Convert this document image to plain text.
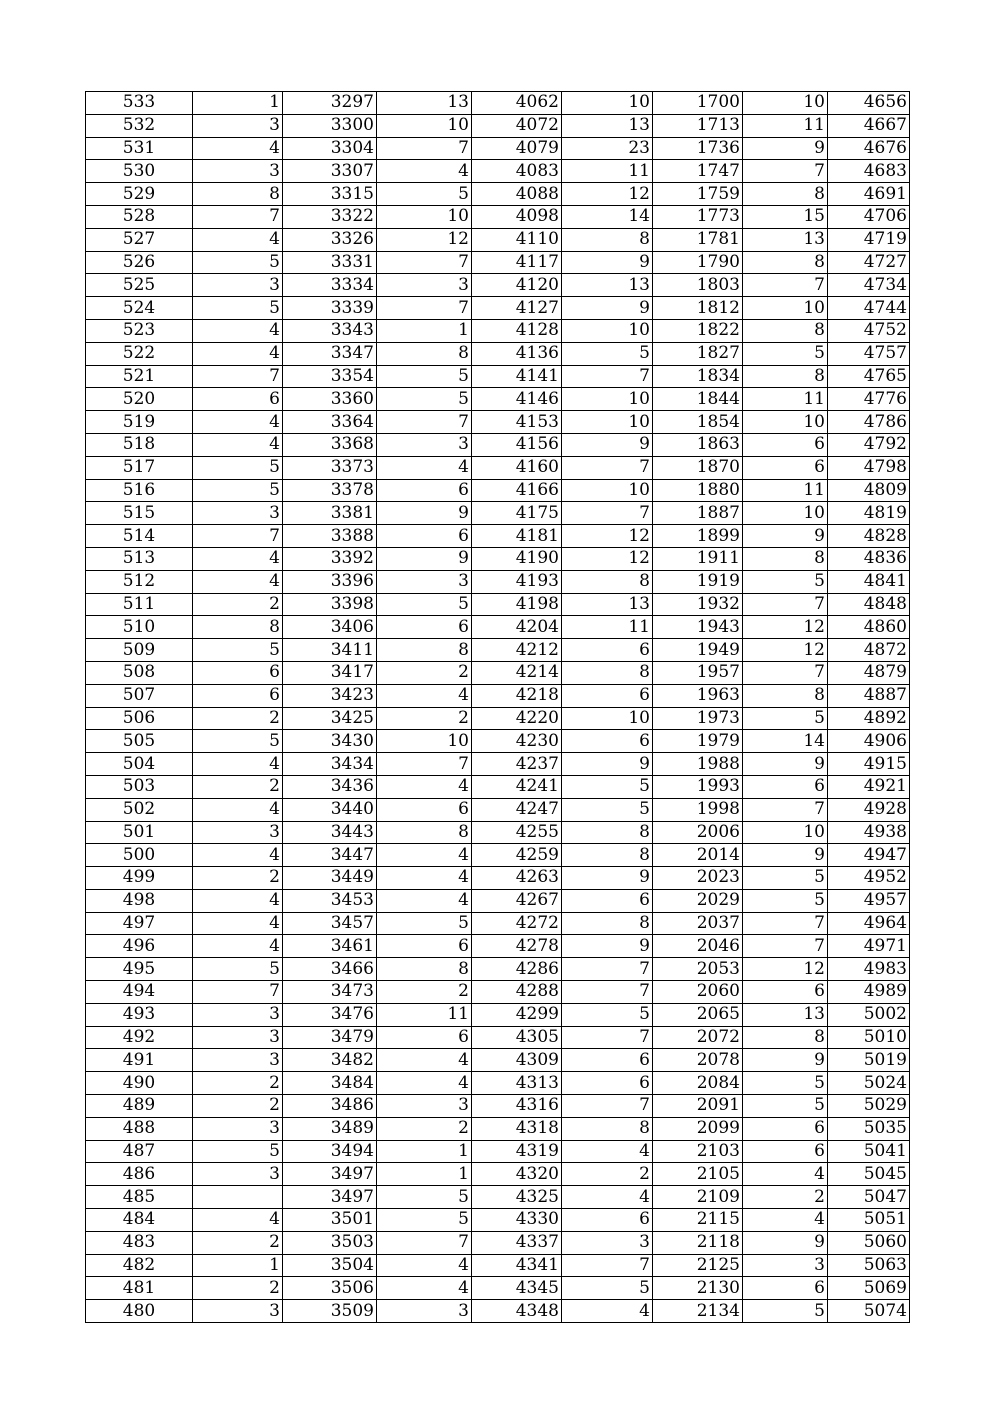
533	1	3297	13	4062	10	1700	10	4656
532	3	3300	10	4072	13	1713	11	4667
531	4	3304	7	4079	23	1736	9	4676
530	3	3307	4	4083	11	1747	7	4683
529	8	3315	5	4088	12	1759	8	4691
528	7	3322	10	4098	14	1773	15	4706
527	4	3326	12	4110	8	1781	13	4719
526	5	3331	7	4117	9	1790	8	4727
525	3	3334	3	4120	13	1803	7	4734
524	5	3339	7	4127	9	1812	10	4744
523	4	3343	1	4128	10	1822	8	4752
522	4	3347	8	4136	5	1827	5	4757
521	7	3354	5	4141	7	1834	8	4765
520	6	3360	5	4146	10	1844	11	4776
519	4	3364	7	4153	10	1854	10	4786
518	4	3368	3	4156	9	1863	6	4792
517	5	3373	4	4160	7	1870	6	4798
516	5	3378	6	4166	10	1880	11	4809
515	3	3381	9	4175	7	1887	10	4819
514	7	3388	6	4181	12	1899	9	4828
513	4	3392	9	4190	12	1911	8	4836
512	4	3396	3	4193	8	1919	5	4841
511	2	3398	5	4198	13	1932	7	4848
510	8	3406	6	4204	11	1943	12	4860
509	5	3411	8	4212	6	1949	12	4872
508	6	3417	2	4214	8	1957	7	4879
507	6	3423	4	4218	6	1963	8	4887
506	2	3425	2	4220	10	1973	5	4892
505	5	3430	10	4230	6	1979	14	4906
504	4	3434	7	4237	9	1988	9	4915
503	2	3436	4	4241	5	1993	6	4921
502	4	3440	6	4247	5	1998	7	4928
501	3	3443	8	4255	8	2006	10	4938
500	4	3447	4	4259	8	2014	9	4947
499	2	3449	4	4263	9	2023	5	4952
498	4	3453	4	4267	6	2029	5	4957
497	4	3457	5	4272	8	2037	7	4964
496	4	3461	6	4278	9	2046	7	4971
495	5	3466	8	4286	7	2053	12	4983
494	7	3473	2	4288	7	2060	6	4989
493	3	3476	11	4299	5	2065	13	5002
492	3	3479	6	4305	7	2072	8	5010
491	3	3482	4	4309	6	2078	9	5019
490	2	3484	4	4313	6	2084	5	5024
489	2	3486	3	4316	7	2091	5	5029
488	3	3489	2	4318	8	2099	6	5035
487	5	3494	1	4319	4	2103	6	5041
486	3	3497	1	4320	2	2105	4	5045
485		3497	5	4325	4	2109	2	5047
484	4	3501	5	4330	6	2115	4	5051
483	2	3503	7	4337	3	2118	9	5060
482	1	3504	4	4341	7	2125	3	5063
481	2	3506	4	4345	5	2130	6	5069
480	3	3509	3	4348	4	2134	5	5074
